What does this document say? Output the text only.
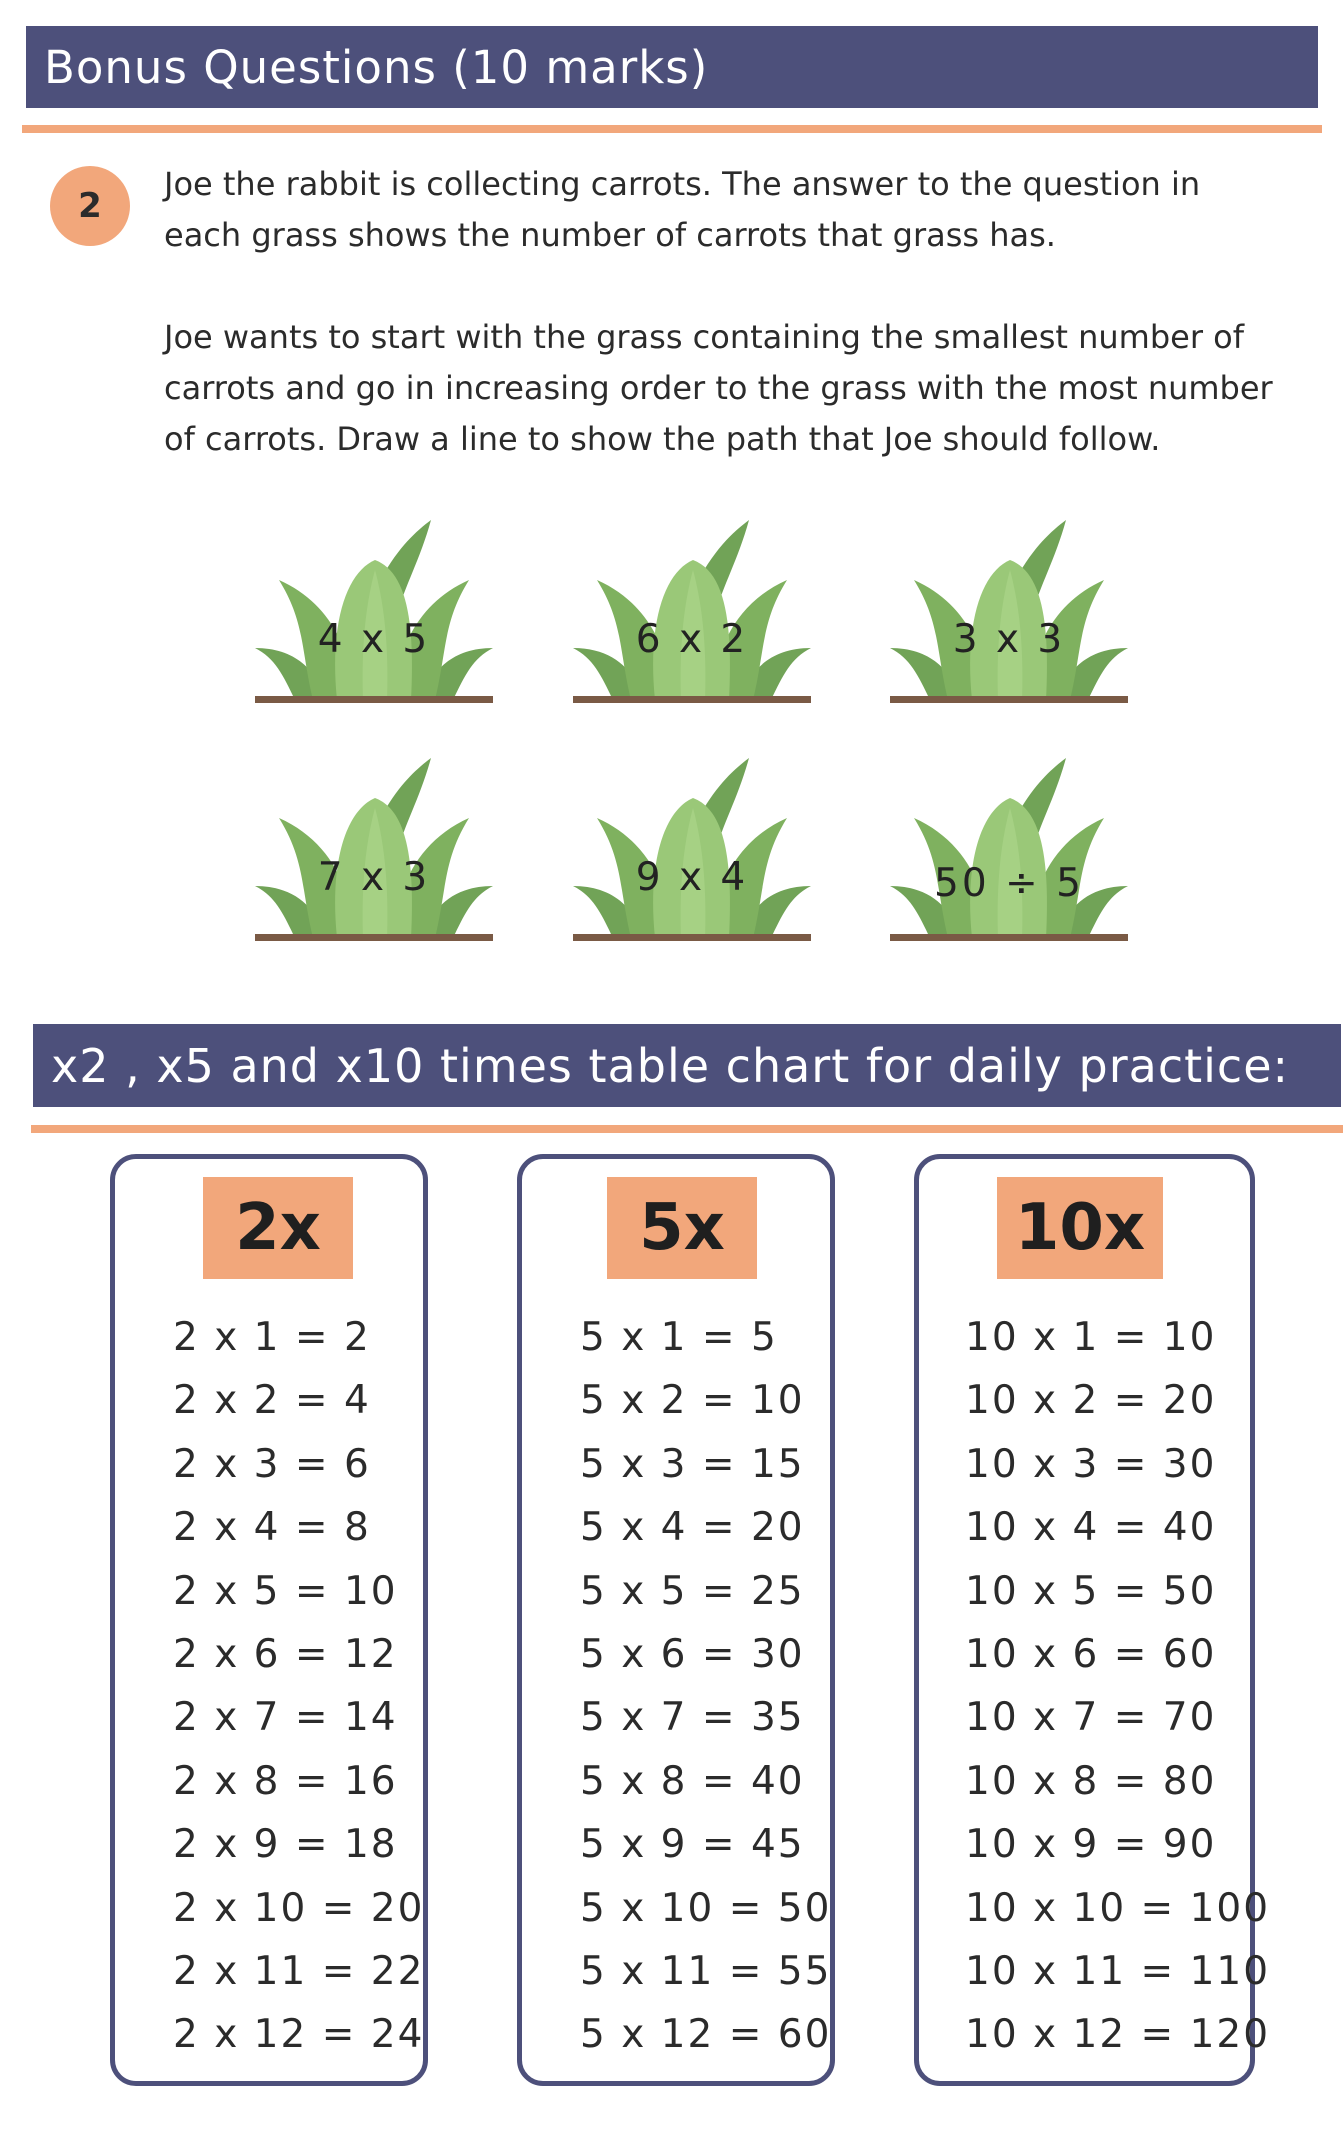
Bonus Questions (10 marks)
2

Joe the rabbit is collecting carrots. The answer to the question in each grass shows the number of carrots that grass has.

Joe wants to start with the grass containing the smallest number of carrots and go in increasing order to the grass with the most number of carrots. Draw a line to show the path that Joe should follow.

4 x 5	6 x 2	3 x 3
7 x 3	9 x 4	50 ÷ 5
x2 , x5 and x10 times table chart for daily practice:
2x
2 x 1 = 2
2 x 2 = 4
2 x 3 = 6
2 x 4 = 8
2 x 5 = 10
2 x 6 = 12
2 x 7 = 14
2 x 8 = 16
2 x 9 = 18
2 x 10 = 20
2 x 11 = 22
2 x 12 = 24
5x
5 x 1 = 5
5 x 2 = 10
5 x 3 = 15
5 x 4 = 20
5 x 5 = 25
5 x 6 = 30
5 x 7 = 35
5 x 8 = 40
5 x 9 = 45
5 x 10 = 50
5 x 11 = 55
5 x 12 = 60
10x
10 x 1 = 10
10 x 2 = 20
10 x 3 = 30
10 x 4 = 40
10 x 5 = 50
10 x 6 = 60
10 x 7 = 70
10 x 8 = 80
10 x 9 = 90
10 x 10 = 100
10 x 11 = 110
10 x 12 = 120
